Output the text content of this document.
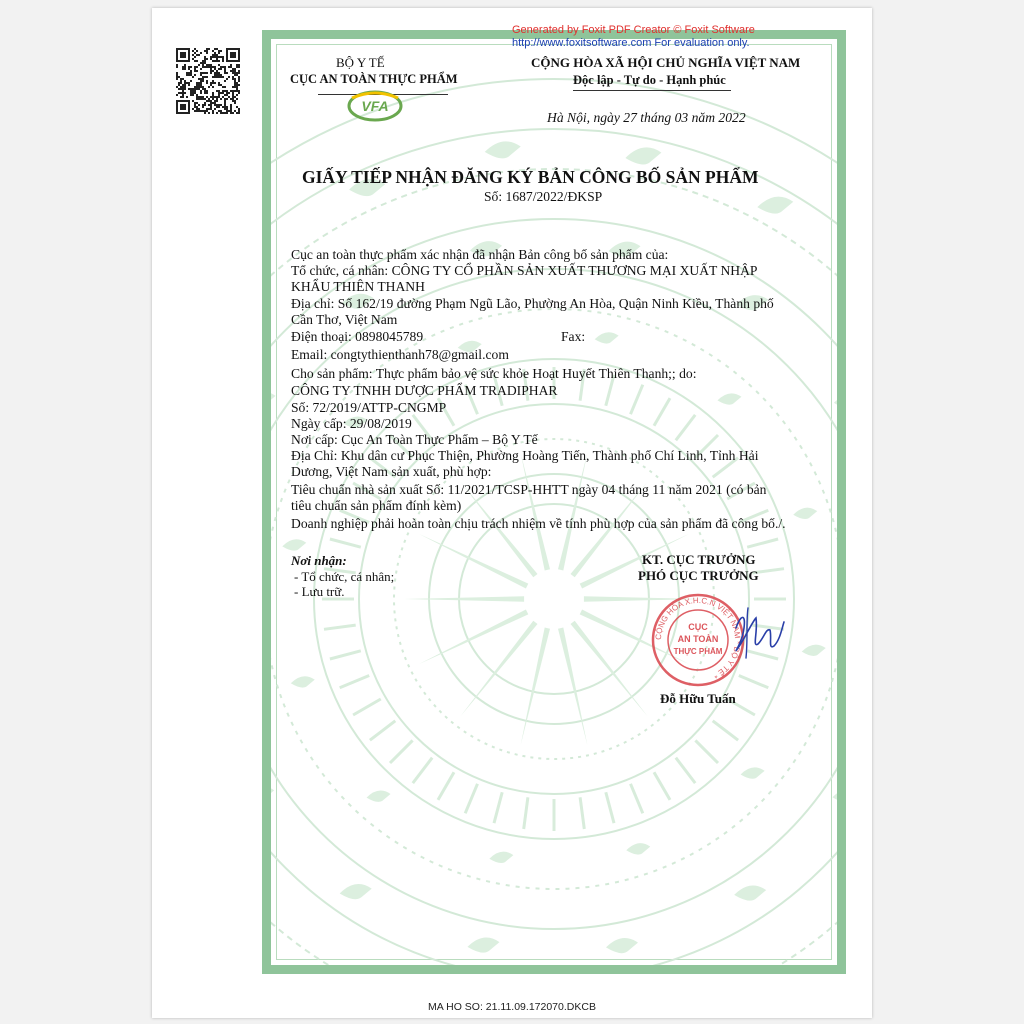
Generated by Foxit PDF Creator © Foxit Software
http://www.foxitsoftware.com For evaluation only.
BỘ Y TẾ
CỤC AN TOÀN THỰC PHẨM
VFA
CỘNG HÒA XÃ HỘI CHỦ NGHĨA VIỆT NAM
Độc lập - Tự do - Hạnh phúc
Hà Nội, ngày 27 tháng 03 năm 2022
GIẤY TIẾP NHẬN ĐĂNG KÝ BẢN CÔNG BỐ SẢN PHẨM
Số: 1687/2022/ĐKSP
Cục an toàn thực phẩm xác nhận đã nhận Bản công bố sản phẩm của:
Tổ chức, cá nhân: CÔNG TY CỔ PHẦN SẢN XUẤT THƯƠNG MẠI XUẤT NHẬP
KHẨU THIÊN THANH
Địa chỉ: Số 162/19 đường Phạm Ngũ Lão, Phường An Hòa, Quận Ninh Kiều, Thành phố
Cần Thơ, Việt Nam
Điện thoại: 0898045789	Fax:
Email: congtythienthanh78@gmail.com
Cho sản phẩm: Thực phẩm bảo vệ sức khỏe Hoạt Huyết Thiên Thanh;; do:
CÔNG TY TNHH DƯỢC PHẨM TRADIPHAR
Số: 72/2019/ATTP-CNGMP
Ngày cấp: 29/08/2019
Nơi cấp: Cục An Toàn Thực Phẩm – Bộ Y Tế
Địa Chỉ: Khu dân cư Phục Thiện, Phường Hoàng Tiến, Thành phố Chí Linh, Tỉnh Hải
Dương, Việt Nam sản xuất, phù hợp:
Tiêu chuẩn nhà sản xuất Số: 11/2021/TCSP-HHTT ngày 04 tháng 11 năm 2021 (có bản
tiêu chuẩn sản phẩm đính kèm)
Doanh nghiệp phải hoàn toàn chịu trách nhiệm về tính phù hợp của sản phẩm đã công bố./.
Nơi nhận:
- Tổ chức, cá nhân;
- Lưu trữ.
KT. CỤC TRƯỞNG
PHÓ CỤC TRƯỞNG
CỘNG HÒA X.H.C.N VIỆT NAM * BỘ Y TẾ *
CỤC
AN TOÀN
THỰC PHẨM
Đỗ Hữu Tuấn
MA HO SO: 21.11.09.172070.DKCB
